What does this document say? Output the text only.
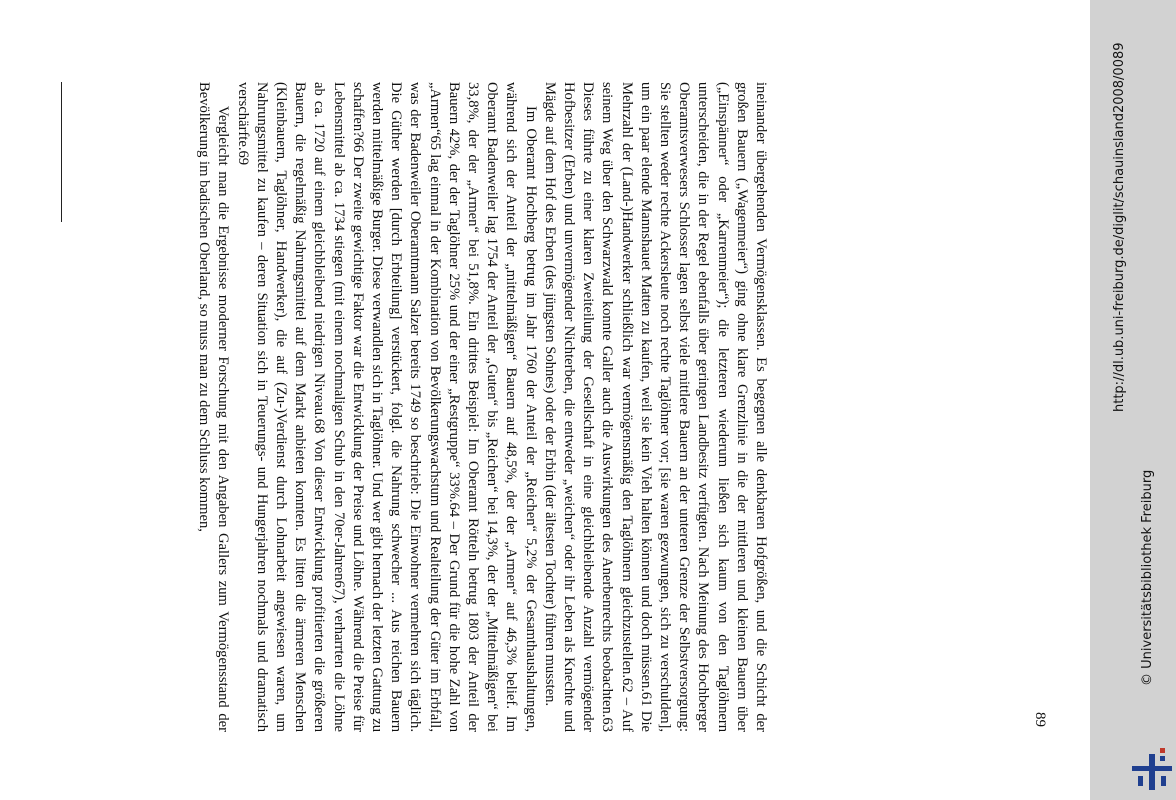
89

ineinander übergehenden Vermögensklassen. Es begegnen alle denkbaren Hofgrößen, und die Schicht der großen Bauern („Wagenmeier“) ging ohne klare Grenzlinie in die der mittleren und kleinen Bauern über („Einspänner“ oder „Karrenmeier“); die letzteren wiederum ließen sich kaum von den Taglöhnern unterscheiden, die in der Regel ebenfalls über geringen Landbesitz verfügten. Nach Meinung des Hochberger Oberamtsverwesers Schlosser lagen selbst viele mittlere Bauern an der unteren Grenze der Selbstversorgung: Sie stellten weder rechte Ackersleute noch rechte Taglöhner vor; [sie waren gezwungen, sich zu verschulden], um ein paar elende Mannshauet Matten zu kaufen, weil sie kein Vieh halten können und doch müssen.61 Die Mehrzahl der (Land-)Handwerker schließlich war vermögensmäßig den Taglöhnern gleichzustellen.62 – Auf seinem Weg über den Schwarzwald konnte Galler auch die Auswirkungen des Anerbenrechts beobachten.63 Dieses führte zu einer klaren Zweiteilung der Gesellschaft in eine gleichbleibende Anzahl vermögender Hofbesitzer (Erben) und unvermögender Nichterben, die entweder „weichen“ oder ihr Leben als Knechte und Mägde auf dem Hof des Erben (des jüngsten Sohnes) oder der Erbin (der ältesten Tochter) führen mussten.

Im Oberamt Hochberg betrug im Jahr 1760 der Anteil der „Reichen“ 5,2% der Gesamthaushaltungen, während sich der Anteil der „mittelmäßigen“ Bauern auf 48,5%, der der „Armen“ auf 46,3% belief. Im Oberamt Badenweiler lag 1754 der Anteil der „Guten“ bis „Reichen“ bei 14,3%, der der „Mittelmäßigen“ bei 33,8%, der der „Armen“ bei 51,8%. Ein drittes Beispiel: Im Oberamt Rötteln betrug 1803 der Anteil der Bauern 42%, der der Taglöhner 25% und der einer „Restgruppe“ 33%.64 – Der Grund für die hohe Zahl von „Armen“65 lag einmal in der Kombination von Bevölkerungswachstum und Realteilung der Güter im Erbfall, was der Badenweiler Oberamtmann Salzer bereits 1749 so beschrieb: Die Einwohner vermehren sich täglich. Die Güther werden [durch Erbteilung] verstückert, folgl. die Nahrung schwecher ... Aus reichen Bauern werden mittelmäßige Burger. Diese verwandlen sich in Taglöhner. Und wer gibt hernach der letzten Gattung zu schaffen?66 Der zweite gewichtige Faktor war die Entwicklung der Preise und Löhne. Während die Preise für Lebensmittel ab ca. 1734 stiegen (mit einem nochmaligen Schub in den 70er-Jahren67), verharrten die Löhne ab ca. 1720 auf einem gleichbleibend niedrigen Niveau.68 Von dieser Entwicklung profitierten die größeren Bauern, die regelmäßig Nahrungsmittel auf dem Markt anbieten konnten. Es litten die ärmeren Menschen (Kleinbauern, Taglöhner, Handwerker), die auf (Zu-)Verdienst durch Lohnarbeit angewiesen waren, um Nahrungsmittel zu kaufen – deren Situation sich in Teuerungs- und Hungerjahren nochmals und dramatisch verschärfte.69

Vergleicht man die Ergebnisse moderner Forschung mit den Angaben Gallers zum Vermögensstand der Bevölkerung im badischen Oberland, so muss man zu dem Schluss kommen,	http://dl.ub.uni-freiburg.de/diglit/schauinsland2008/0089
© Universitätsbibliothek Freiburg
